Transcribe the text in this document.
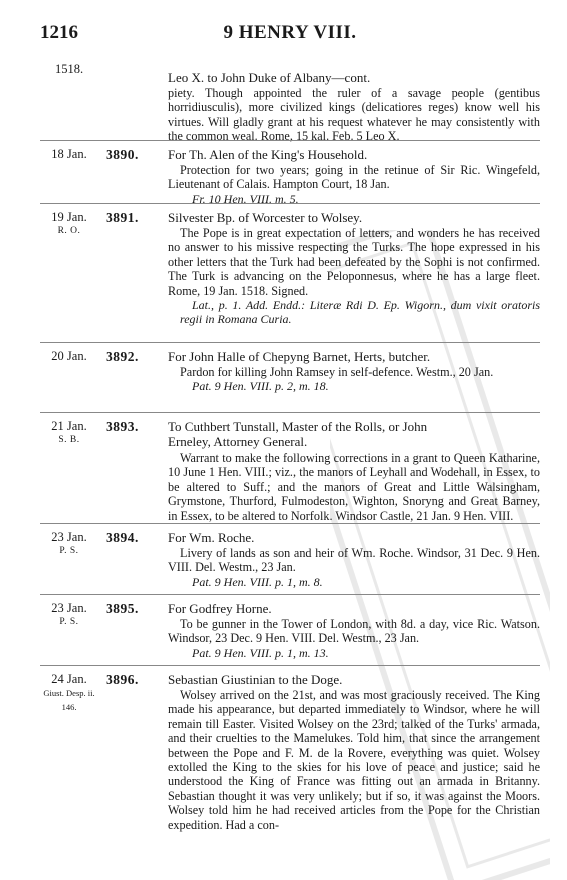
1216	9 HENRY VIII.
1518.
Leo X. to John Duke of Albany—cont.

piety. Though appointed the ruler of a savage people (gentibus horridiusculis), more civilized kings (delicatiores reges) know well his virtues. Will gladly grant at his request whatever he may consistently with the common weal. Rome, 15 kal. Feb. 5 Leo X.

18 Jan.	3890. For Th. Alen of the King's Household.

Protection for two years; going in the retinue of Sir Ric. Wingefeld, Lieutenant of Calais. Hampton Court, 18 Jan.

Fr. 10 Hen. VIII. m. 5.

19 Jan.
R. O.
3891. Silvester Bp. of Worcester to Wolsey.

The Pope is in great expectation of letters, and wonders he has received no answer to his missive respecting the Turks. The hope expressed in his other letters that the Turk had been defeated by the Sophi is not confirmed. The Turk is advancing on the Peloponnesus, where he has a large fleet. Rome, 19 Jan. 1518. Signed.

Lat., p. 1. Add. Endd.: Literæ Rdi D. Ep. Wigorn., dum vixit oratoris regii in Romana Curia.

20 Jan.	3892. For John Halle of Chepyng Barnet, Herts, butcher.

Pardon for killing John Ramsey in self-defence. Westm., 20 Jan.

Pat. 9 Hen. VIII. p. 2, m. 18.

21 Jan.
S. B.
3893. To Cuthbert Tunstall, Master of the Rolls, or John
Erneley, Attorney General.

Warrant to make the following corrections in a grant to Queen Katharine, 10 June 1 Hen. VIII.; viz., the manors of Leyhall and Wodehall, in Essex, to be altered to Suff.; and the manors of Great and Little Walsingham, Grymstone, Thurford, Fulmodeston, Wighton, Snoryng and Great Barney, in Essex, to be altered to Norfolk. Windsor Castle, 21 Jan. 9 Hen. VIII.

23 Jan.
P. S.
3894. For Wm. Roche.

Livery of lands as son and heir of Wm. Roche. Windsor, 31 Dec. 9 Hen. VIII. Del. Westm., 23 Jan.

Pat. 9 Hen. VIII. p. 1, m. 8.

23 Jan.
P. S.
3895. For Godfrey Horne.

To be gunner in the Tower of London, with 8d. a day, vice Ric. Watson. Windsor, 23 Dec. 9 Hen. VIII. Del. Westm., 23 Jan.

Pat. 9 Hen. VIII. p. 1, m. 13.

24 Jan.
Giust. Desp. ii. 146.
3896. Sebastian Giustinian to the Doge.

Wolsey arrived on the 21st, and was most graciously received. The King made his appearance, but departed immediately to Windsor, where he will remain till Easter. Visited Wolsey on the 23rd; talked of the Turks' armada, and their cruelties to the Mamelukes. Told him, that since the arrangement between the Pope and F. M. de la Rovere, everything was quiet. Wolsey extolled the King to the skies for his love of peace and justice; said he understood the King of France was fitting out an armada in Britanny. Sebastian thought it was very unlikely; but if so, it was against the Moors. Wolsey told him he had received articles from the Pope for the Christian expedition. Had a con-
